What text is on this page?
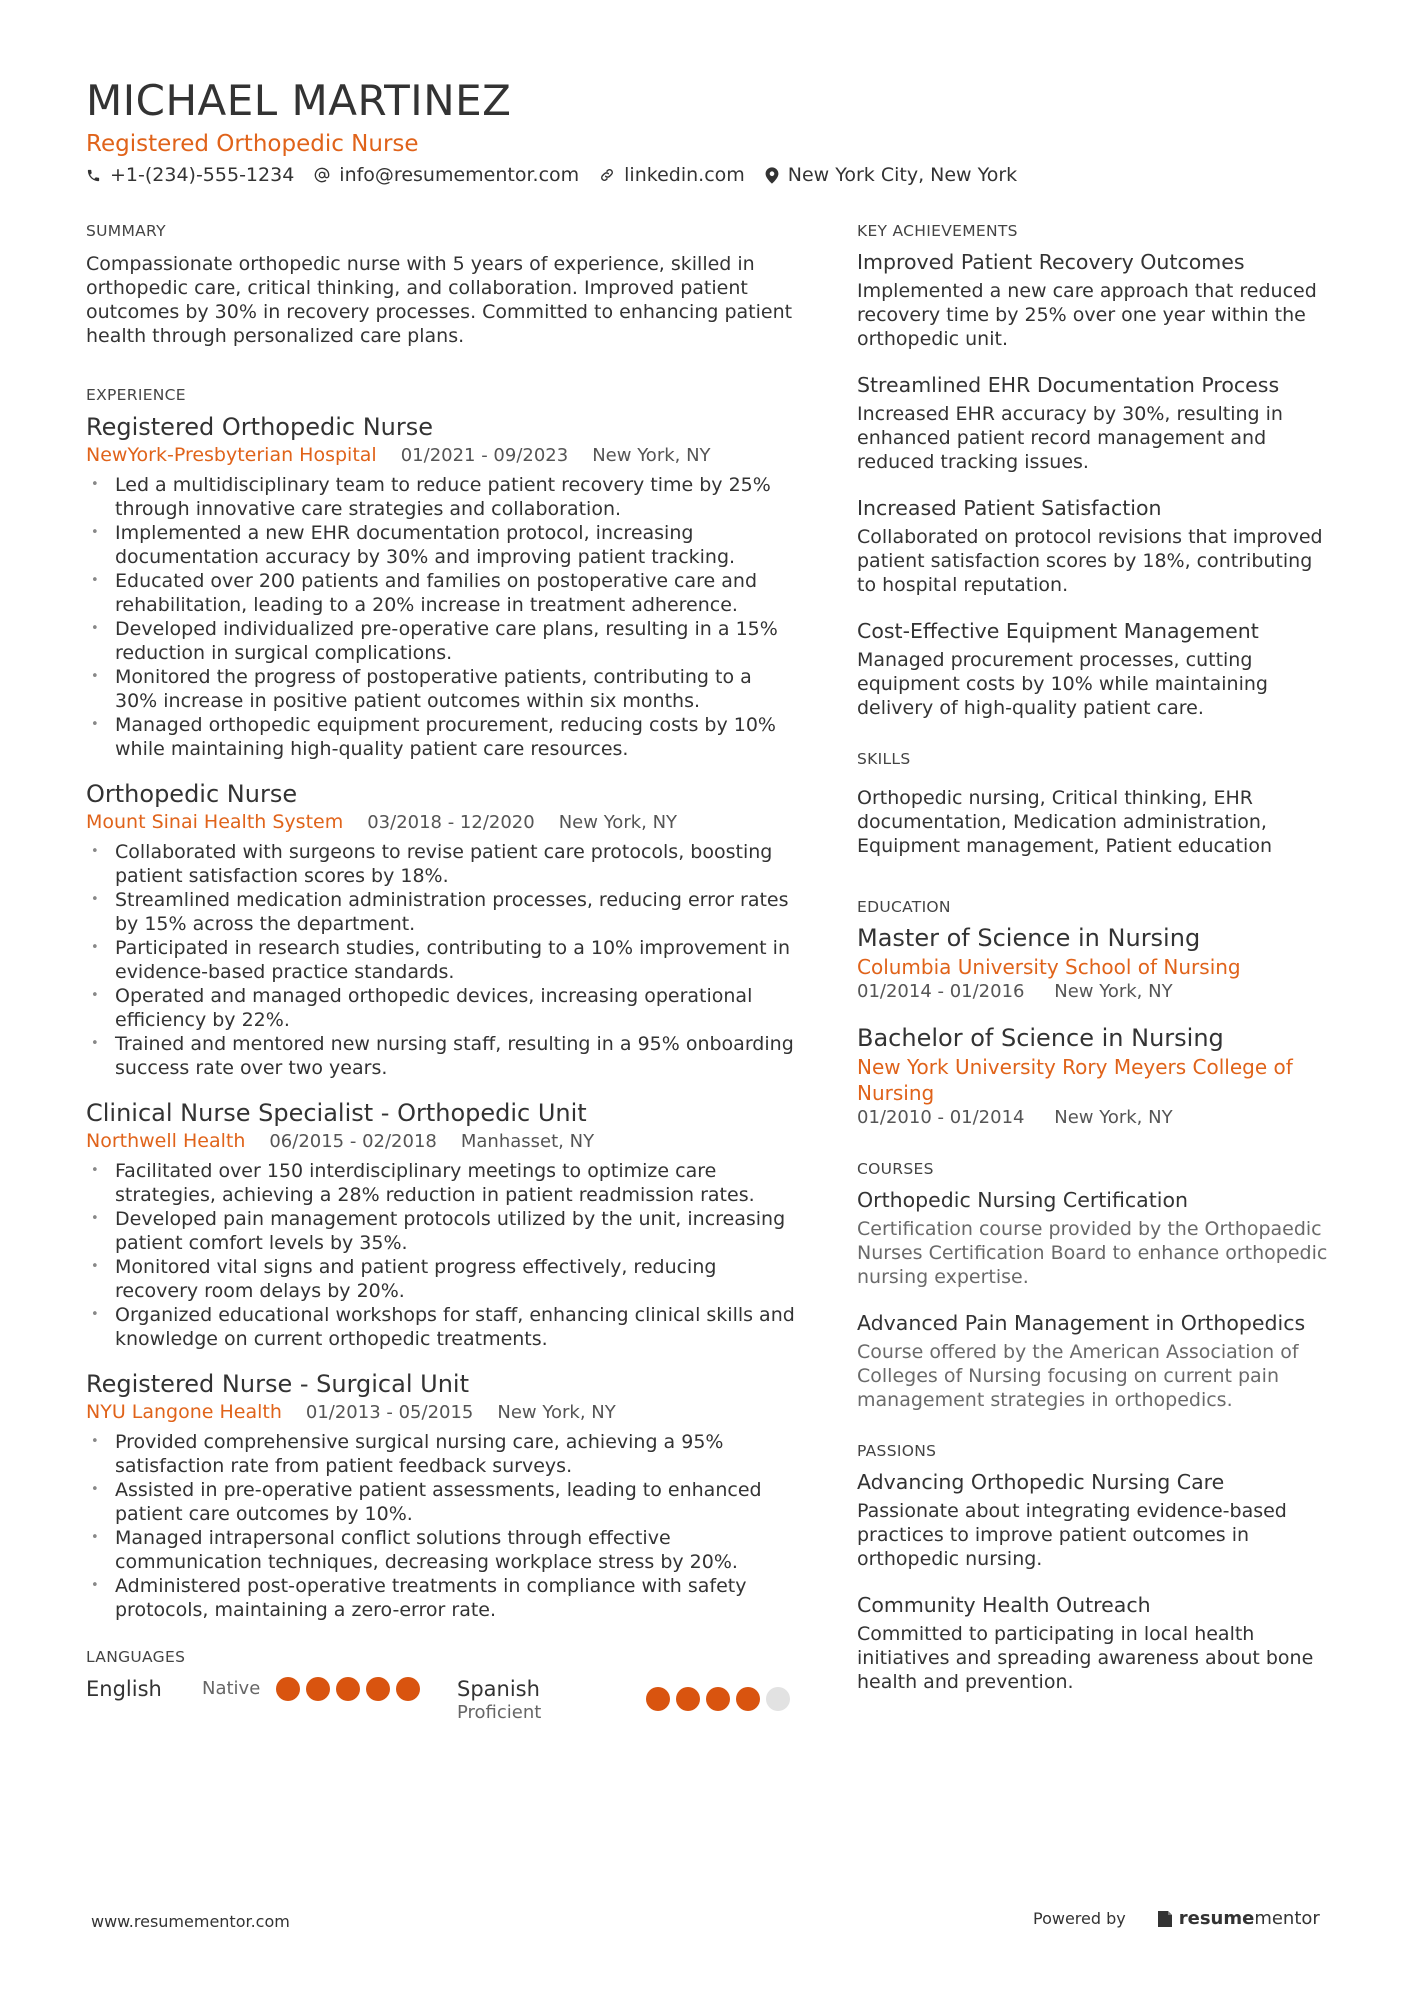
MICHAEL MARTINEZ
Registered Orthopedic Nurse
+1-(234)-555-1234 info@resumementor.com linkedin.com New York City, New York
SUMMARY

Compassionate orthopedic nurse with 5 years of experience, skilled in orthopedic care, critical thinking, and collaboration. Improved patient outcomes by 30% in recovery processes. Committed to enhancing patient health through personalized care plans.

EXPERIENCE
Registered Orthopedic Nurse
NewYork-Presbyterian Hospital 01/2021 - 09/2023 New York, NY
• Led a multidisciplinary team to reduce patient recovery time by 25% through innovative care strategies and collaboration.
• Implemented a new EHR documentation protocol, increasing documentation accuracy by 30% and improving patient tracking.
• Educated over 200 patients and families on postoperative care and rehabilitation, leading to a 20% increase in treatment adherence.
• Developed individualized pre-operative care plans, resulting in a 15% reduction in surgical complications.
• Monitored the progress of postoperative patients, contributing to a 30% increase in positive patient outcomes within six months.
• Managed orthopedic equipment procurement, reducing costs by 10% while maintaining high-quality patient care resources.
Orthopedic Nurse
Mount Sinai Health System 03/2018 - 12/2020 New York, NY
• Collaborated with surgeons to revise patient care protocols, boosting patient satisfaction scores by 18%.
• Streamlined medication administration processes, reducing error rates by 15% across the department.
• Participated in research studies, contributing to a 10% improvement in evidence-based practice standards.
• Operated and managed orthopedic devices, increasing operational efficiency by 22%.
• Trained and mentored new nursing staff, resulting in a 95% onboarding success rate over two years.
Clinical Nurse Specialist - Orthopedic Unit
Northwell Health 06/2015 - 02/2018 Manhasset, NY
• Facilitated over 150 interdisciplinary meetings to optimize care strategies, achieving a 28% reduction in patient readmission rates.
• Developed pain management protocols utilized by the unit, increasing patient comfort levels by 35%.
• Monitored vital signs and patient progress effectively, reducing recovery room delays by 20%.
• Organized educational workshops for staff, enhancing clinical skills and knowledge on current orthopedic treatments.
Registered Nurse - Surgical Unit
NYU Langone Health 01/2013 - 05/2015 New York, NY
• Provided comprehensive surgical nursing care, achieving a 95% satisfaction rate from patient feedback surveys.
• Assisted in pre-operative patient assessments, leading to enhanced patient care outcomes by 10%.
• Managed intrapersonal conflict solutions through effective communication techniques, decreasing workplace stress by 20%.
• Administered post-operative treatments in compliance with safety protocols, maintaining a zero-error rate.
LANGUAGES
English	Native	Spanish
Proficient
KEY ACHIEVEMENTS
Improved Patient Recovery Outcomes
Implemented a new care approach that reduced recovery time by 25% over one year within the orthopedic unit.
Streamlined EHR Documentation Process
Increased EHR accuracy by 30%, resulting in enhanced patient record management and reduced tracking issues.
Increased Patient Satisfaction
Collaborated on protocol revisions that improved patient satisfaction scores by 18%, contributing to hospital reputation.
Cost-Effective Equipment Management
Managed procurement processes, cutting equipment costs by 10% while maintaining delivery of high-quality patient care.
SKILLS

Orthopedic nursing, Critical thinking, EHR documentation, Medication administration, Equipment management, Patient education

EDUCATION
Master of Science in Nursing
Columbia University School of Nursing
01/2014 - 01/2016 New York, NY
Bachelor of Science in Nursing
New York University Rory Meyers College of Nursing
01/2010 - 01/2014 New York, NY
COURSES
Orthopedic Nursing Certification
Certification course provided by the Orthopaedic Nurses Certification Board to enhance orthopedic nursing expertise.
Advanced Pain Management in Orthopedics
Course offered by the American Association of Colleges of Nursing focusing on current pain management strategies in orthopedics.
PASSIONS
Advancing Orthopedic Nursing Care
Passionate about integrating evidence-based practices to improve patient outcomes in orthopedic nursing.
Community Health Outreach
Committed to participating in local health initiatives and spreading awareness about bone health and prevention.
www.resumementor.com	Powered by	resume mentor
